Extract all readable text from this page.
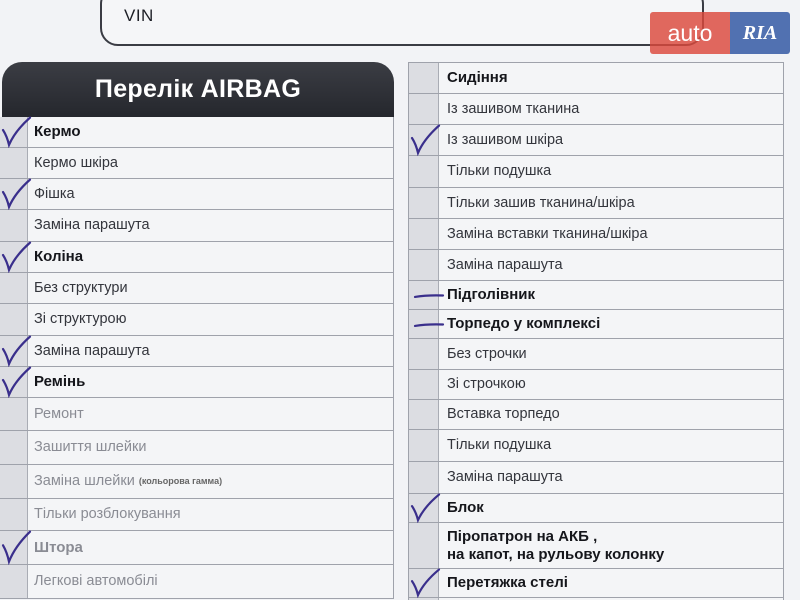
VIN
auto	RIA
Перелік AIRBAG
Кермо
Кермо шкіра
Фішка
Заміна парашута
Коліна
Без структури
Зі структурою
Заміна парашута
Ремінь
Ремонт
Зашиття шлейки
Заміна шлейки (кольорова гамма)
Тільки розблокування
Штора
Легкові автомобілі
Сидіння
Із зашивом тканина
Із зашивом шкіра
Тільки подушка
Тільки зашив тканина/шкіра
Заміна вставки тканина/шкіра
Заміна парашута
Підголівник
Торпедо у комплексі
Без строчки
Зі строчкою
Вставка торпедо
Тільки подушка
Заміна парашута
Блок
Піропатрон на АКБ ,
на капот, на рульову колонку
Перетяжка стелі
